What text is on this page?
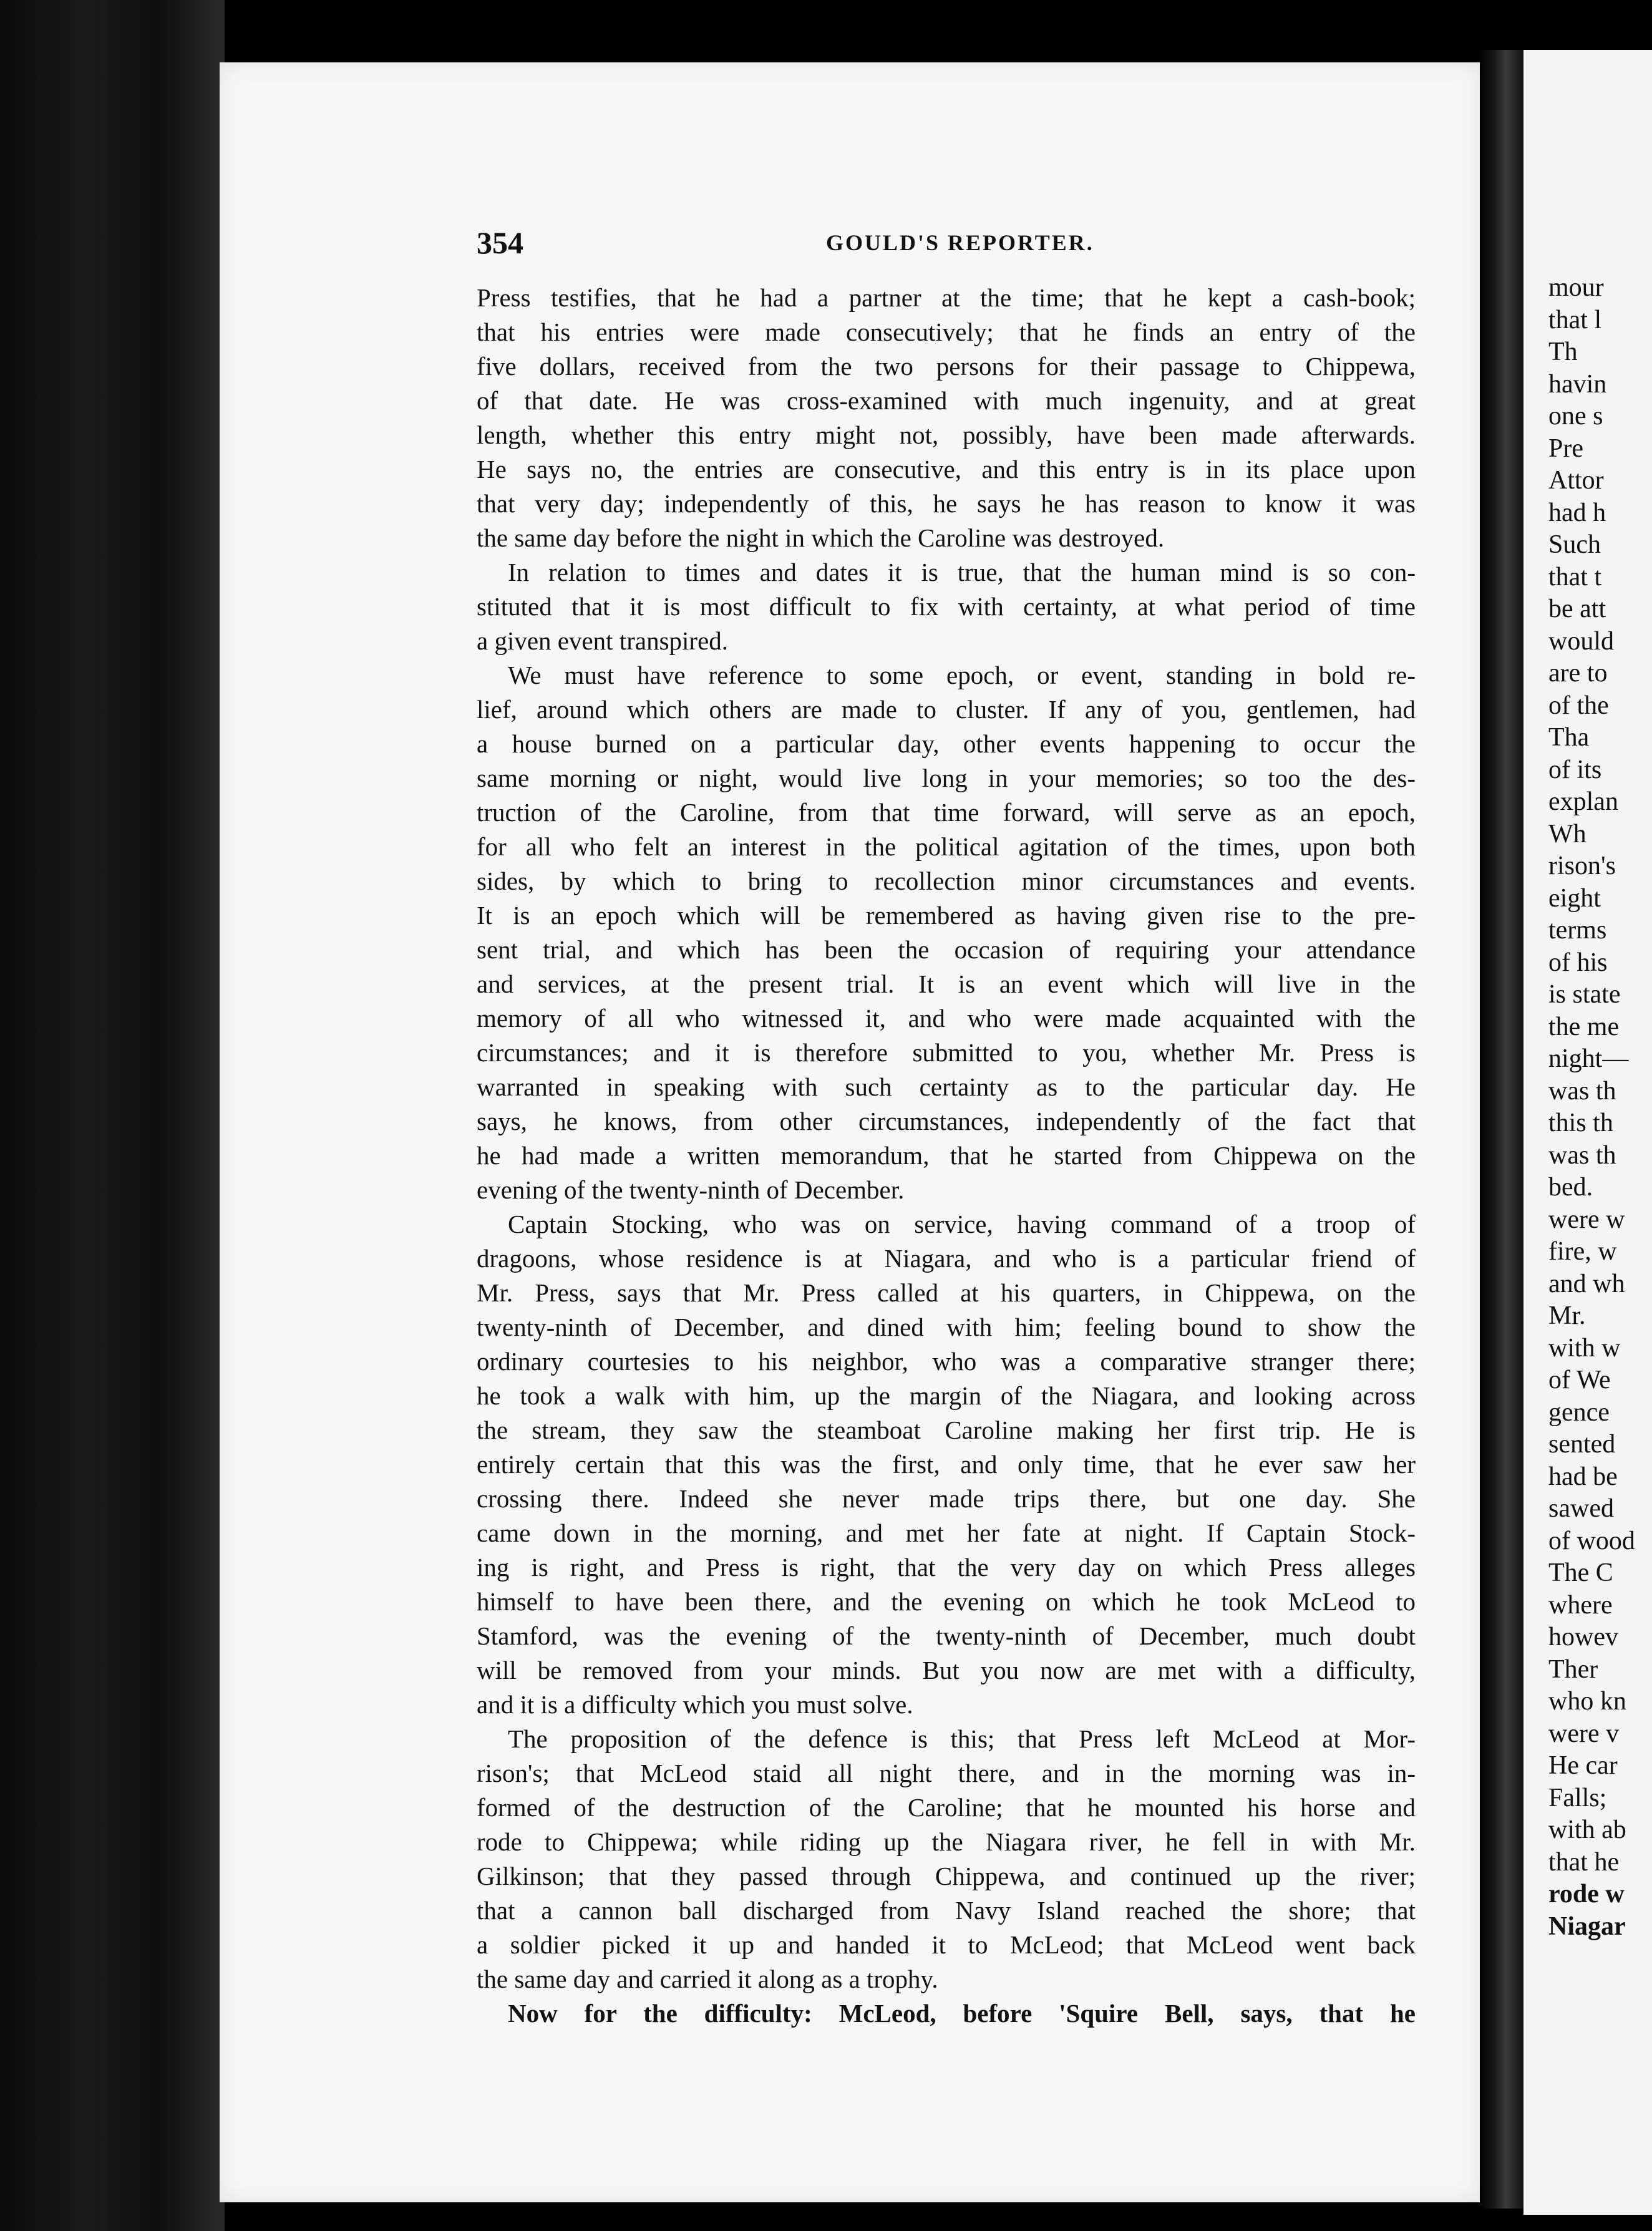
354	GOULD'S REPORTER.
Press testifies, that he had a partner at the time; that he kept a cash-book;
that his entries were made consecutively; that he finds an entry of the
five dollars, received from the two persons for their passage to Chippewa,
of that date. He was cross-examined with much ingenuity, and at great
length, whether this entry might not, possibly, have been made afterwards.
He says no, the entries are consecutive, and this entry is in its place upon
that very day; independently of this, he says he has reason to know it was
the same day before the night in which the Caroline was destroyed.
In relation to times and dates it is true, that the human mind is so con-
stituted that it is most difficult to fix with certainty, at what period of time
a given event transpired.
We must have reference to some epoch, or event, standing in bold re-
lief, around which others are made to cluster. If any of you, gentlemen, had
a house burned on a particular day, other events happening to occur the
same morning or night, would live long in your memories; so too the des-
truction of the Caroline, from that time forward, will serve as an epoch,
for all who felt an interest in the political agitation of the times, upon both
sides, by which to bring to recollection minor circumstances and events.
It is an epoch which will be remembered as having given rise to the pre-
sent trial, and which has been the occasion of requiring your attendance
and services, at the present trial. It is an event which will live in the
memory of all who witnessed it, and who were made acquainted with the
circumstances; and it is therefore submitted to you, whether Mr. Press is
warranted in speaking with such certainty as to the particular day. He
says, he knows, from other circumstances, independently of the fact that
he had made a written memorandum, that he started from Chippewa on the
evening of the twenty-ninth of December.
Captain Stocking, who was on service, having command of a troop of
dragoons, whose residence is at Niagara, and who is a particular friend of
Mr. Press, says that Mr. Press called at his quarters, in Chippewa, on the
twenty-ninth of December, and dined with him; feeling bound to show the
ordinary courtesies to his neighbor, who was a comparative stranger there;
he took a walk with him, up the margin of the Niagara, and looking across
the stream, they saw the steamboat Caroline making her first trip. He is
entirely certain that this was the first, and only time, that he ever saw her
crossing there. Indeed she never made trips there, but one day. She
came down in the morning, and met her fate at night. If Captain Stock-
ing is right, and Press is right, that the very day on which Press alleges
himself to have been there, and the evening on which he took McLeod to
Stamford, was the evening of the twenty-ninth of December, much doubt
will be removed from your minds. But you now are met with a difficulty,
and it is a difficulty which you must solve.
The proposition of the defence is this; that Press left McLeod at Mor-
rison's; that McLeod staid all night there, and in the morning was in-
formed of the destruction of the Caroline; that he mounted his horse and
rode to Chippewa; while riding up the Niagara river, he fell in with Mr.
Gilkinson; that they passed through Chippewa, and continued up the river;
that a cannon ball discharged from Navy Island reached the shore; that
a soldier picked it up and handed it to McLeod; that McLeod went back
the same day and carried it along as a trophy.
Now for the difficulty: McLeod, before 'Squire Bell, says, that he
mour
that l
Th
havin
one s
Pre
Attor
had h
Such
that t
be att
would
are to
of the
Tha
of its
explan
Wh
rison's
eight
terms
of his
is state
the me
night—
was th
this th
was th
bed.
were w
fire, w
and wh
Mr.
with w
of We
gence
sented
had be
sawed
of wood
The C
where
howev
Ther
who kn
were v
He car
Falls;
with ab
that he
rode w
Niagar
